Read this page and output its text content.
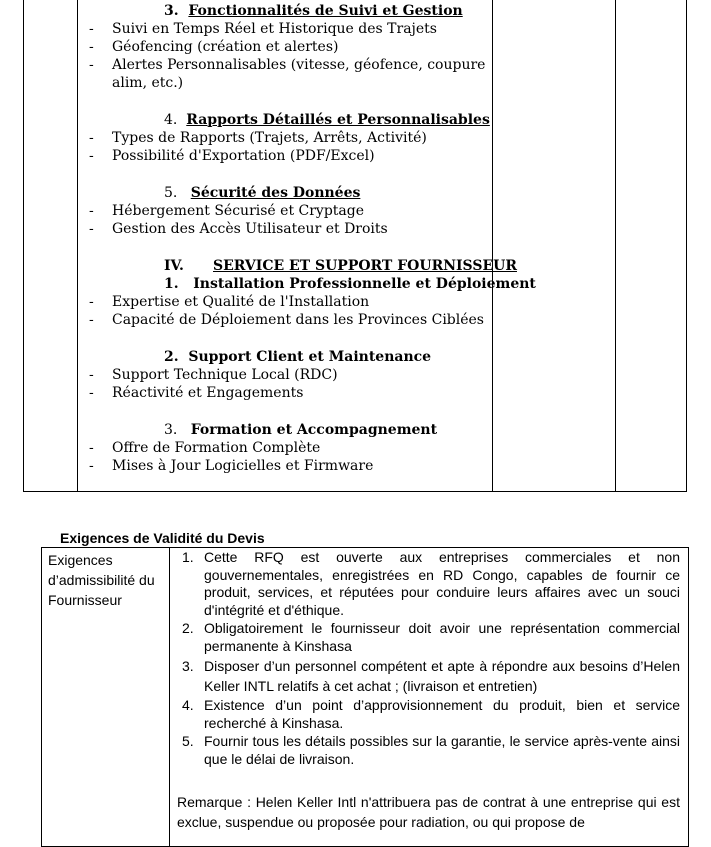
3. Fonctionnalités de Suivi et Gestion
- Suivi en Temps Réel et Historique des Trajets
- Géofencing (création et alertes)
- Alertes Personnalisables (vitesse, géofence, coupure alim, etc.)
4. Rapports Détaillés et Personnalisables
- Types de Rapports (Trajets, Arrêts, Activité)
- Possibilité d'Exportation (PDF/Excel)
5. Sécurité des Données
- Hébergement Sécurisé et Cryptage
- Gestion des Accès Utilisateur et Droits
IV. SERVICE ET SUPPORT FOURNISSEUR
1. Installation Professionnelle et Déploiement
- Expertise et Qualité de l'Installation
- Capacité de Déploiement dans les Provinces Ciblées
2. Support Client et Maintenance
- Support Technique Local (RDC)
- Réactivité et Engagements
3. Formation et Accompagnement
- Offre de Formation Complète
- Mises à Jour Logicielles et Firmware
Exigences de Validité du Devis
Exigences d’admissibilité du Fournisseur
1. Cette RFQ est ouverte aux entreprises commerciales et non gouvernementales, enregistrées en RD Congo, capables de fournir ce produit, services, et réputées pour conduire leurs affaires avec un souci d'intégrité et d'éthique.
2. Obligatoirement le fournisseur doit avoir une représentation commercial permanente à Kinshasa
3. Disposer d’un personnel compétent et apte à répondre aux besoins d’Helen Keller INTL relatifs à cet achat ; (livraison et entretien)
4. Existence d’un point d’approvisionnement du produit, bien et service recherché à Kinshasa.
5. Fournir tous les détails possibles sur la garantie, le service après-vente ainsi que le délai de livraison.
Remarque : Helen Keller Intl n'attribuera pas de contrat à une entreprise qui est exclue, suspendue ou proposée pour radiation, ou qui propose de
